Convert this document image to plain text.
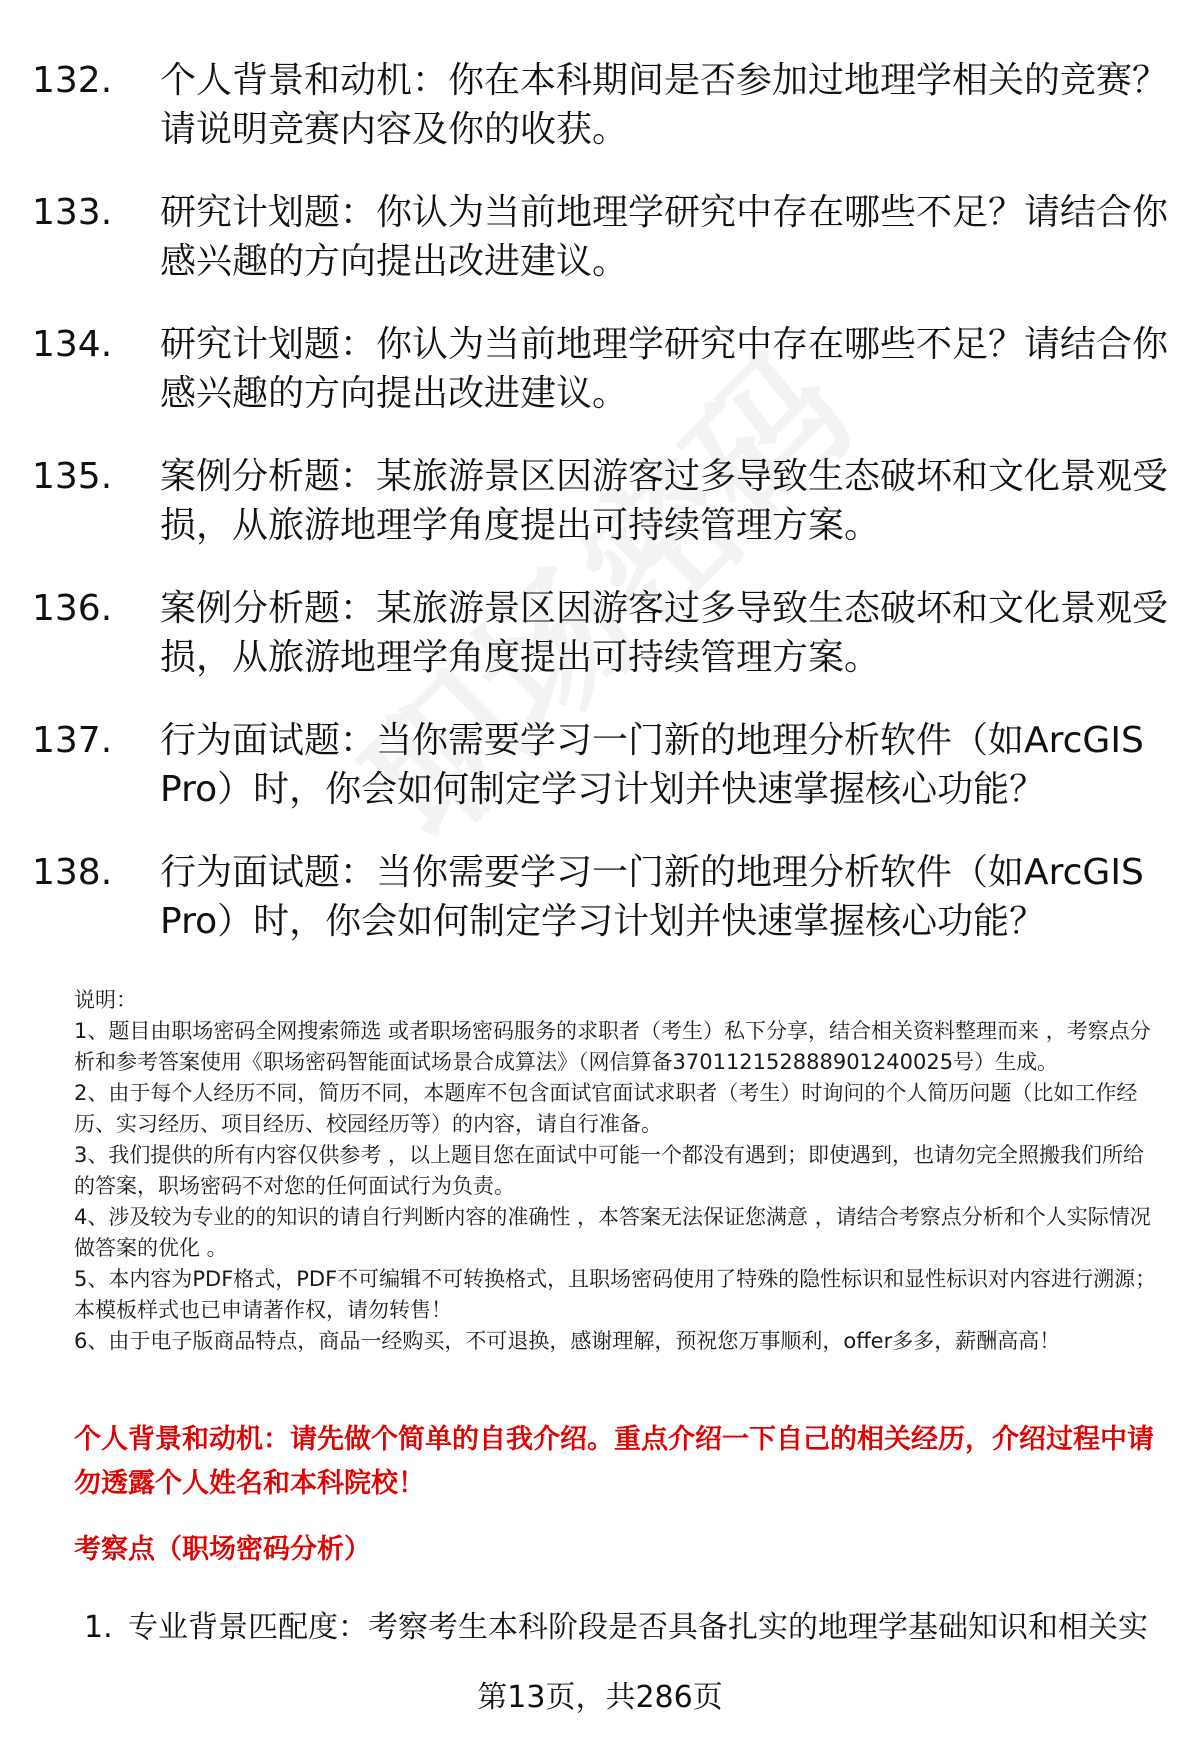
132.	个人背景和动机：你在本科期间是否参加过地理学相关的竞赛？请说明竞赛内容及你的收获。
133.	研究计划题：你认为当前地理学研究中存在哪些不足？请结合你感兴趣的方向提出改进建议。
134.	研究计划题：你认为当前地理学研究中存在哪些不足？请结合你感兴趣的方向提出改进建议。
135.	案例分析题：某旅游景区因游客过多导致生态破坏和文化景观受损，从旅游地理学角度提出可持续管理方案。
136.	案例分析题：某旅游景区因游客过多导致生态破坏和文化景观受损，从旅游地理学角度提出可持续管理方案。
137.	行为面试题：当你需要学习一门新的地理分析软件（如ArcGIS Pro）时，你会如何制定学习计划并快速掌握核心功能？
138.	行为面试题：当你需要学习一门新的地理分析软件（如ArcGIS Pro）时，你会如何制定学习计划并快速掌握核心功能？

说明：

1、题目由职场密码全网搜索筛选 或者职场密码服务的求职者（考生）私下分享，结合相关资料整理而来 ，考察点分析和参考答案使用《职场密码智能面试场景合成算法》（网信算备370112152888901240025号）生成。

2、由于每个人经历不同，简历不同，本题库不包含面试官面试求职者（考生）时询问的个人简历问题（比如工作经历、实习经历、项目经历、校园经历等）的内容，请自行准备。

3、我们提供的所有内容仅供参考 ，以上题目您在面试中可能一个都没有遇到；即使遇到，也请勿完全照搬我们所给的答案，职场密码不对您的任何面试行为负责。

4、涉及较为专业的的知识的请自行判断内容的准确性 ，本答案无法保证您满意 ，请结合考察点分析和个人实际情况做答案的优化 。

5、本内容为PDF格式，PDF不可编辑不可转换格式，且职场密码使用了特殊的隐性标识和显性标识对内容进行溯源；本模板样式也已申请著作权，请勿转售！

6、由于电子版商品特点，商品一经购买，不可退换，感谢理解，预祝您万事顺利，offer多多，薪酬高高！

个人背景和动机：请先做个简单的自我介绍。重点介绍一下自己的相关经历，介绍过程中请勿透露个人姓名和本科院校！
考察点（职场密码分析）
1. 专业背景匹配度：考察考生本科阶段是否具备扎实的地理学基础知识和相关实
第13页，共286页
